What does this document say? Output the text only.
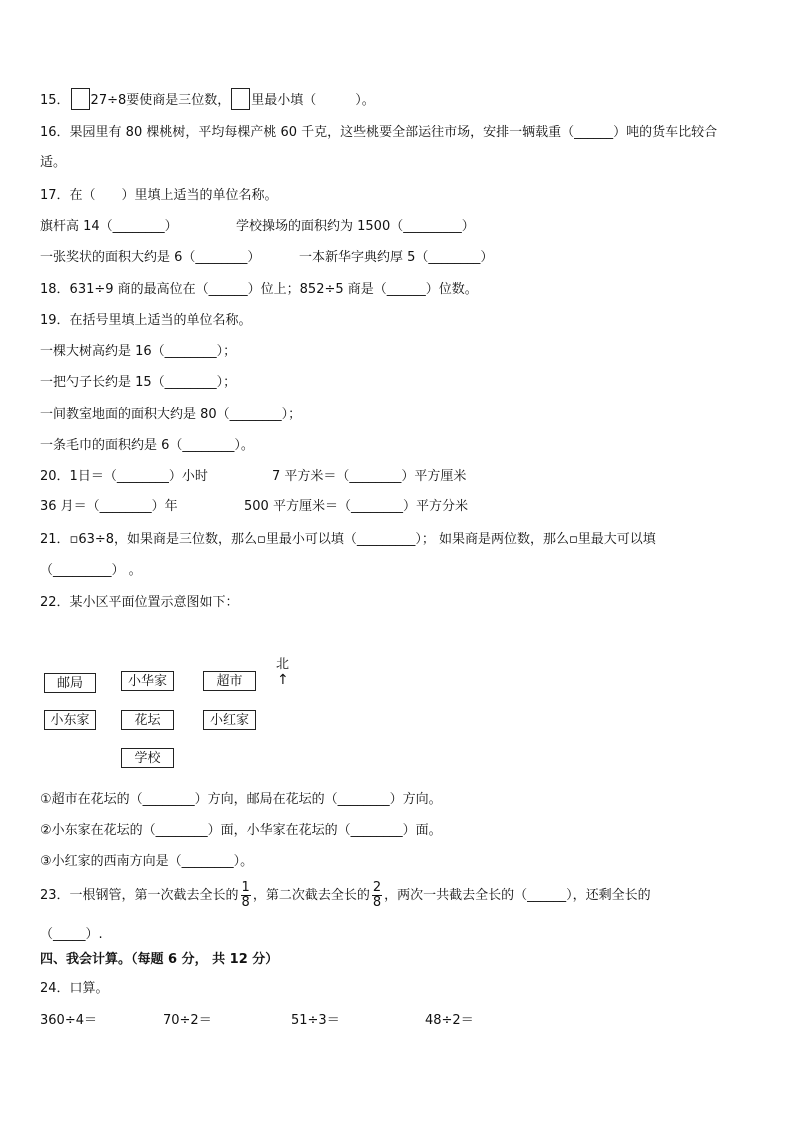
15． 27÷8要使商是三位数， 里最小填（　　　）。
16．果园里有 80 棵桃树，平均每棵产桃 60 千克，这些桃要全部运往市场，安排一辆载重（______）吨的货车比较合
适。
17．在（　　）里填上适当的单位名称。
旗杆高 14（________）	学校操场的面积约为 1500（_________）
一张奖状的面积大约是 6（________）	一本新华字典约厚 5（________）
18．631÷9 商的最高位在（______）位上；852÷5 商是（______）位数。
19．在括号里填上适当的单位名称。
一棵大树高约是 16（________）；
一把勺子长约是 15（________）；
一间教室地面的面积大约是 80（________）；
一条毛巾的面积约是 6（________）。
20．1日＝（________）小时	7 平方米＝（________）平方厘米
36 月＝（________）年	500 平方厘米＝（________）平方分米
21．▫63÷8，如果商是三位数，那么▫里最小可以填（_________）； 如果商是两位数，那么▫里最大可以填
（_________） 。
22．某小区平面位置示意图如下：
邮局	小华家	超市
小东家	花坛	小红家
学校
北
↑
①超市在花坛的（________）方向，邮局在花坛的（________）方向。
②小东家在花坛的（________）面，小华家在花坛的（________）面。
③小红家的西南方向是（________）。
23．一根钢管，第一次截去全长的 $\frac{1}{8}$ ，第二次截去全长的 $\frac{2}{8}$ ，两次一共截去全长的（______），还剩全长的
（_____）.
四、我会计算。（每题 6 分， 共 12 分）
24．口算。
360÷4＝	70÷2＝	51÷3＝	48÷2＝
